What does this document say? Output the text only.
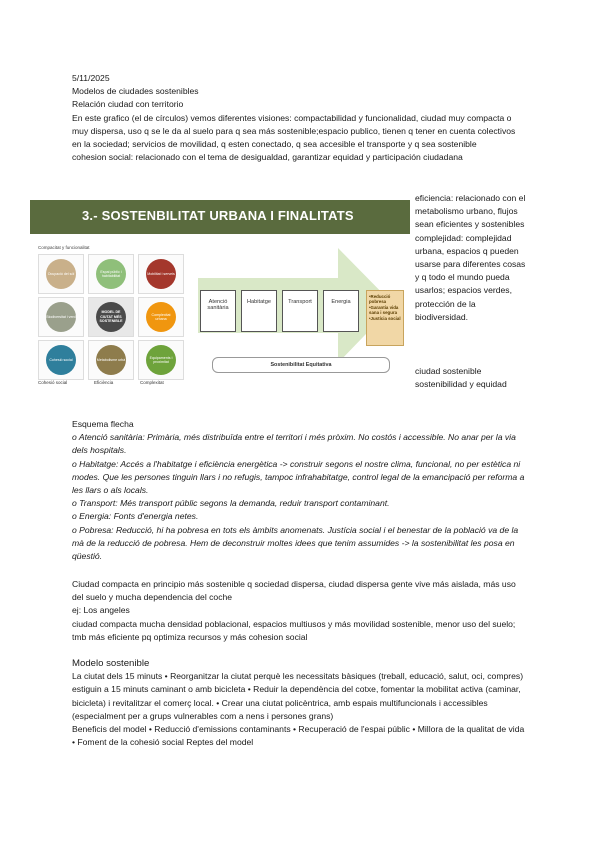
5/11/2025
Modelos de ciudades sostenibles
Relación ciudad con territorio
En este grafico (el de círculos) vemos diferentes visiones: compactabilidad y funcionalidad, ciudad muy compacta o muy dispersa, uso q se le da al suelo para q sea más sostenible;espacio publico, tienen q tener en cuenta colectivos en la sociedad; servicios de movilidad, q esten conectado, q sea accesible el transporte y q sea sostenible
cohesion social: relacionado con el tema de desigualdad, garantizar equidad y participación ciudadana
3.- SOSTENBILITAT URBANA I FINALITATS
Compacitat y funcionalitat
Ocupació del sòl
Espai públic i habitabilitat
Mobilitat i serveis
Biodiversitat i verd
MODEL DE CIUTAT MÉS SOSTENIBLE
Complexitat urbana
Cohesió social	Metabolisme urbà
Equipaments i proximitat
Cohesió social	Eficiència	Complexitat
Atenció sanitària
Habitatge	Transport	Energia
•Reducció pobresa •Garantia vida sana i segura •Justícia social
Sostenibilitat Equitativa
eficiencia: relacionado con el metabolismo urbano, flujos sean eficientes y sostenibles
complejidad: complejidad urbana, espacios q pueden usarse para diferentes cosas y q todo el mundo pueda usarlos; espacios verdes, protección de la biodiversidad.
ciudad sostenible
sostenibilidad y equidad
Esquema flecha
o Atenció sanitària: Primària, més distribuïda entre el territori i més pròxim. No costós i accessible. No anar per la via dels hospitals.
o Habitatge: Accés a l'habitatge i eficiència energètica -> construir segons el nostre clima, funcional, no per estètica ni modes. Que les persones tinguin llars i no refugis, tampoc infrahabitatge, control legal de la emancipació per reforma a les llars o als locals.
o Transport: Més transport públic segons la demanda, reduir transport contaminant.
o Energia: Fonts d'energia netes.
o Pobresa: Reducció, hi ha pobresa en tots els àmbits anomenats. Justícia social i el benestar de la població va de la mà de la reducció de pobresa. Hem de deconstruir moltes idees que tenim assumides -> la sostenibilitat les posa en qüestió.
Ciudad compacta en principio más sostenible q sociedad dispersa, ciudad dispersa gente vive más aislada, más uso del suelo y mucha dependencia del coche
ej: Los angeles
ciudad compacta mucha densidad poblacional, espacios multiusos y más movilidad sostenible, menor uso del suelo; tmb más eficiente pq optimiza recursos y más cohesion social
Modelo sostenible
La ciutat dels 15 minuts • Reorganitzar la ciutat perquè les necessitats bàsiques (treball, educació, salut, oci, compres) estiguin a 15 minuts caminant o amb bicicleta • Reduir la dependència del cotxe, fomentar la mobilitat activa (caminar, bicicleta) i revitalitzar el comerç local. • Crear una ciutat policèntrica, amb espais multifuncionals i accessibles (especialment per a grups vulnerables com a nens i persones grans)
Beneficis del model • Reducció d'emissions contaminants • Recuperació de l'espai públic • Millora de la qualitat de vida • Foment de la cohesió social Reptes del model
